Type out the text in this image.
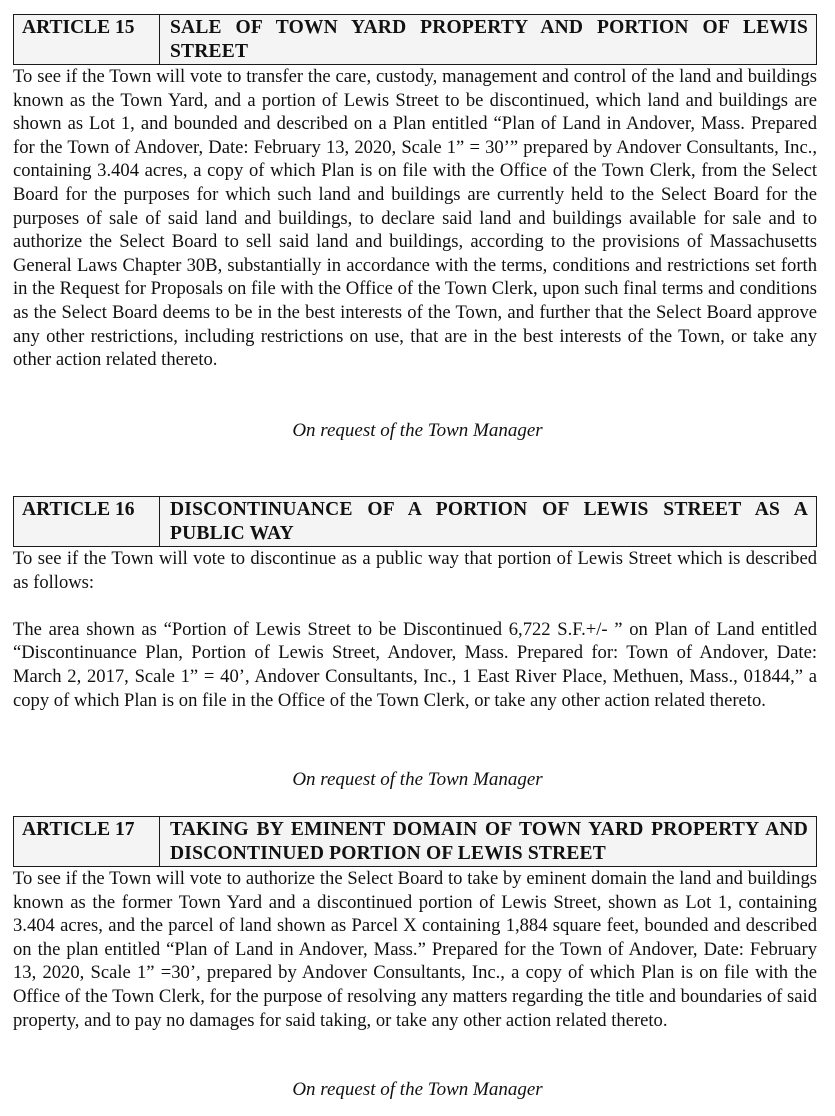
ARTICLE 15	SALE OF TOWN YARD PROPERTY AND PORTION OF LEWIS STREET

To see if the Town will vote to transfer the care, custody, management and control of the land and buildings known as the Town Yard, and a portion of Lewis Street to be discontinued, which land and buildings are shown as Lot 1, and bounded and described on a Plan entitled “Plan of Land in Andover, Mass. Prepared for the Town of Andover, Date: February 13, 2020, Scale 1” = 30’” prepared by Andover Consultants, Inc., containing 3.404 acres, a copy of which Plan is on file with the Office of the Town Clerk, from the Select Board for the purposes for which such land and buildings are currently held to the Select Board for the purposes of sale of said land and buildings, to declare said land and buildings available for sale and to authorize the Select Board to sell said land and buildings, according to the provisions of Massachusetts General Laws Chapter 30B, substantially in accordance with the terms, conditions and restrictions set forth in the Request for Proposals on file with the Office of the Town Clerk, upon such final terms and conditions as the Select Board deems to be in the best interests of the Town, and further that the Select Board approve any other restrictions, including restrictions on use, that are in the best interests of the Town, or take any other action related thereto.

On request of the Town Manager
ARTICLE 16	DISCONTINUANCE OF A PORTION OF LEWIS STREET AS A PUBLIC WAY

To see if the Town will vote to discontinue as a public way that portion of Lewis Street which is described as follows:

The area shown as “Portion of Lewis Street to be Discontinued 6,722 S.F.+/- ” on Plan of Land entitled “Discontinuance Plan, Portion of Lewis Street, Andover, Mass. Prepared for: Town of Andover, Date: March 2, 2017, Scale 1” = 40’, Andover Consultants, Inc., 1 East River Place, Methuen, Mass., 01844,” a copy of which Plan is on file in the Office of the Town Clerk, or take any other action related thereto.

On request of the Town Manager
ARTICLE 17	TAKING BY EMINENT DOMAIN OF TOWN YARD PROPERTY AND DISCONTINUED PORTION OF LEWIS STREET

To see if the Town will vote to authorize the Select Board to take by eminent domain the land and buildings known as the former Town Yard and a discontinued portion of Lewis Street, shown as Lot 1, containing 3.404 acres, and the parcel of land shown as Parcel X containing 1,884 square feet, bounded and described on the plan entitled “Plan of Land in Andover, Mass.” Prepared for the Town of Andover, Date: February 13, 2020, Scale 1” =30’, prepared by Andover Consultants, Inc., a copy of which Plan is on file with the Office of the Town Clerk, for the purpose of resolving any matters regarding the title and boundaries of said property, and to pay no damages for said taking, or take any other action related thereto.

On request of the Town Manager
